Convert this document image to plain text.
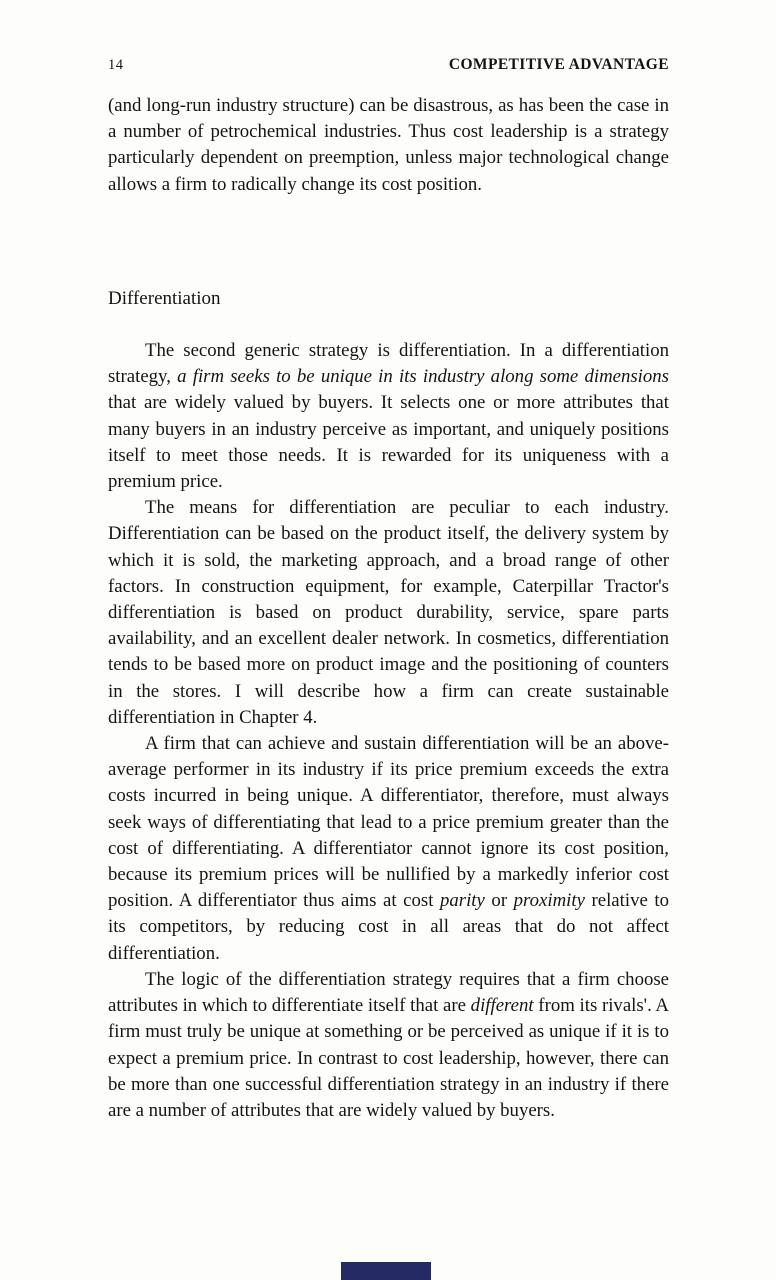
14	COMPETITIVE ADVANTAGE

(and long-run industry structure) can be disastrous, as has been the case in a number of petrochemical industries. Thus cost leadership is a strategy particularly dependent on preemption, unless major technological change allows a firm to radically change its cost position.

Differentiation

The second generic strategy is differentiation. In a differentiation strategy, a firm seeks to be unique in its industry along some dimensions that are widely valued by buyers. It selects one or more attributes that many buyers in an industry perceive as important, and uniquely positions itself to meet those needs. It is rewarded for its uniqueness with a premium price.

The means for differentiation are peculiar to each industry. Differentiation can be based on the product itself, the delivery system by which it is sold, the marketing approach, and a broad range of other factors. In construction equipment, for example, Caterpillar Tractor's differentiation is based on product durability, service, spare parts availability, and an excellent dealer network. In cosmetics, differentiation tends to be based more on product image and the positioning of counters in the stores. I will describe how a firm can create sustainable differentiation in Chapter 4.

A firm that can achieve and sustain differentiation will be an above-average performer in its industry if its price premium exceeds the extra costs incurred in being unique. A differentiator, therefore, must always seek ways of differentiating that lead to a price premium greater than the cost of differentiating. A differentiator cannot ignore its cost position, because its premium prices will be nullified by a markedly inferior cost position. A differentiator thus aims at cost parity or proximity relative to its competitors, by reducing cost in all areas that do not affect differentiation.

The logic of the differentiation strategy requires that a firm choose attributes in which to differentiate itself that are different from its rivals'. A firm must truly be unique at something or be perceived as unique if it is to expect a premium price. In contrast to cost leadership, however, there can be more than one successful differentiation strategy in an industry if there are a number of attributes that are widely valued by buyers.
